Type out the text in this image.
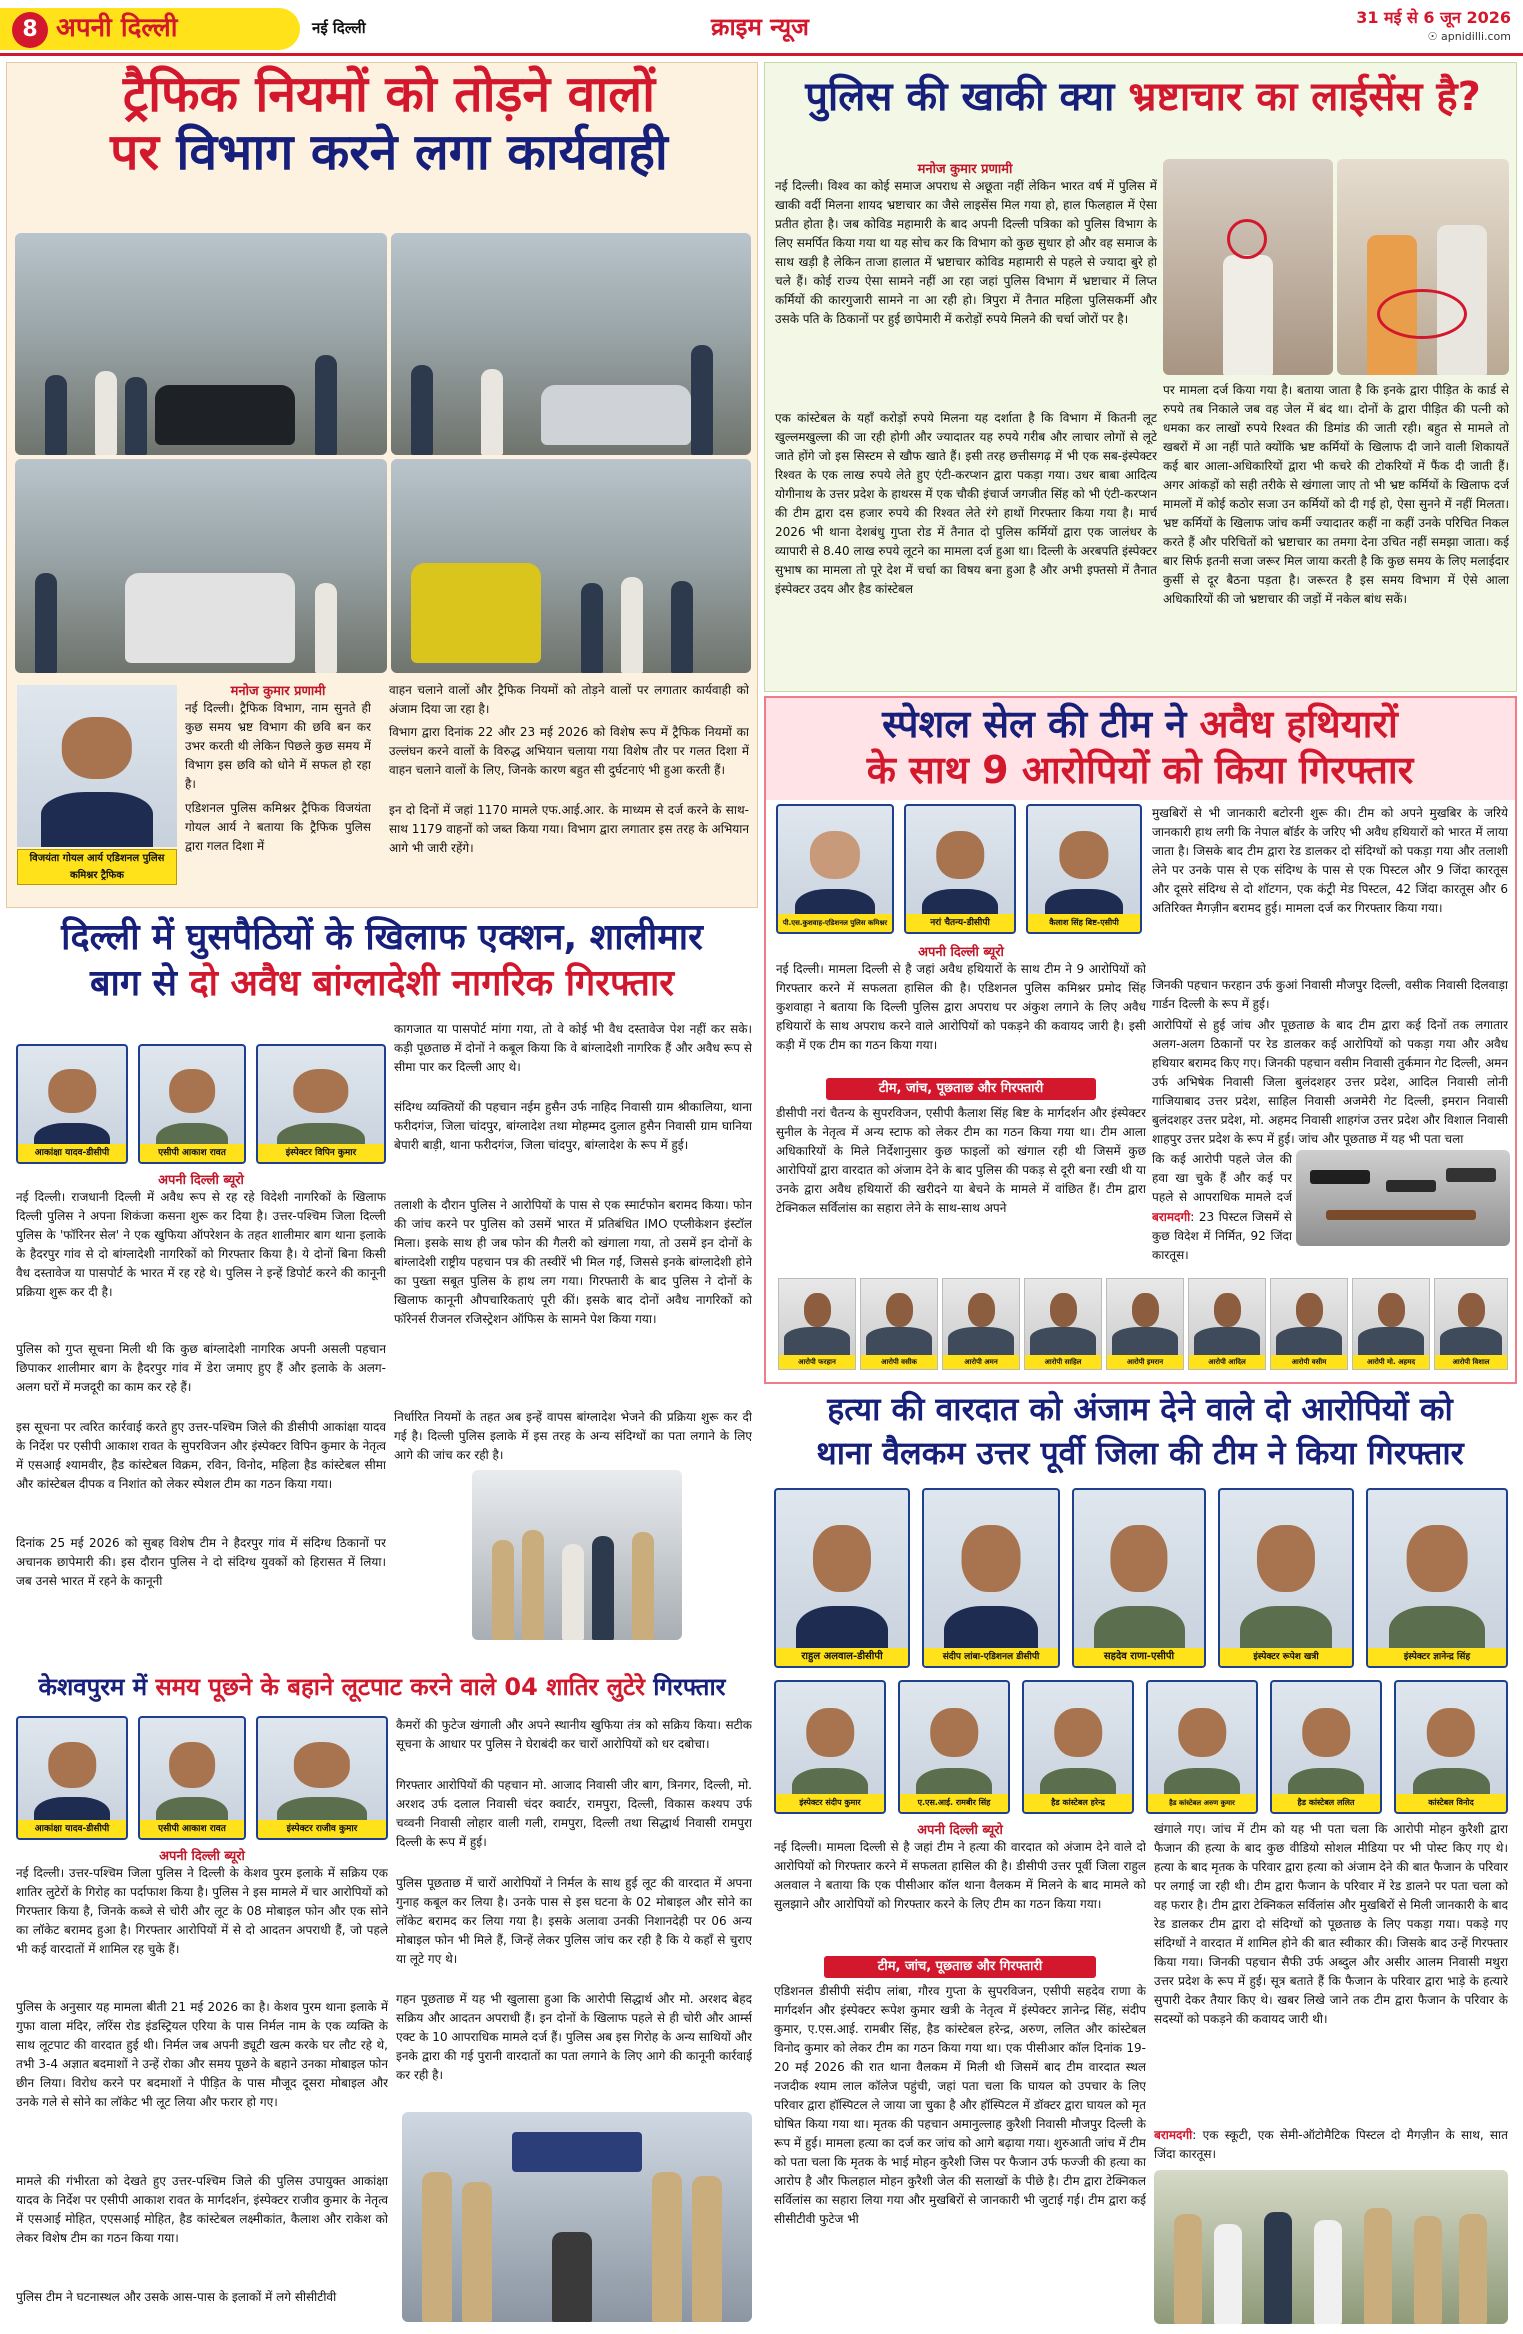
8 अपनी दिल्ली	नई दिल्ली	क्राइम न्यूज	31 मई से 6 जून 2026
☉ apnidilli.com
ट्रैफिक नियमों को तोड़ने वालों
पर विभाग करने लगा कार्यवाही
विजयंता गोयल आर्य एडिशनल पुलिस कमिश्नर ट्रैफिक
मनोज कुमार प्रणामी
नई दिल्ली। ट्रैफिक विभाग, नाम सुनते ही कुछ समय भ्रष्ट विभाग की छवि बन कर उभर करती थी लेकिन पिछले कुछ समय में विभाग इस छवि को धोने में सफल हो रहा है।
एडिशनल पुलिस कमिश्नर ट्रैफिक विजयंता गोयल आर्य ने बताया कि ट्रैफिक पुलिस द्वारा गलत दिशा में
वाहन चलाने वालों और ट्रैफिक नियमों को तोड़ने वालों पर लगातार कार्यवाही को अंजाम दिया जा रहा है।
विभाग द्वारा दिनांक 22 और 23 मई 2026 को विशेष रूप में ट्रैफिक नियमों का उल्लंघन करने वालों के विरुद्ध अभियान चलाया गया विशेष तौर पर गलत दिशा में वाहन चलाने वालों के लिए, जिनके कारण बहुत सी दुर्घटनाएं भी हुआ करती हैं।
इन दो दिनों में जहां 1170 मामले एफ.आई.आर. के माध्यम से दर्ज करने के साथ-साथ 1179 वाहनों को जब्त किया गया। विभाग द्वारा लगातार इस तरह के अभियान आगे भी जारी रहेंगे।
पुलिस की खाकी क्या भ्रष्टाचार का लाईसेंस है?
मनोज कुमार प्रणामी
नई दिल्ली। विश्व का कोई समाज अपराध से अछूता नहीं लेकिन भारत वर्ष में पुलिस में खाकी वर्दी मिलना शायद भ्रष्टाचार का जैसे लाइसेंस मिल गया हो, हाल फिलहाल में ऐसा प्रतीत होता है। जब कोविड महामारी के बाद अपनी दिल्ली पत्रिका को पुलिस विभाग के लिए समर्पित किया गया था यह सोच कर कि विभाग को कुछ सुधार हो और वह समाज के साथ खड़ी है लेकिन ताजा हालात में भ्रष्टाचार कोविड महामारी से पहले से ज्यादा बुरे हो चले हैं। कोई राज्य ऐसा सामने नहीं आ रहा जहां पुलिस विभाग में भ्रष्टाचार में लिप्त कर्मियों की कारगुजारी सामने ना आ रही हो। त्रिपुरा में तैनात महिला पुलिसकर्मी और उसके पति के ठिकानों पर हुई छापेमारी में करोड़ों रुपये मिलने की चर्चा जोरों पर है।
एक कांस्टेबल के यहाँ करोड़ों रुपये मिलना यह दर्शाता है कि विभाग में कितनी लूट खुल्लमखुल्ला की जा रही होगी और ज्यादातर यह रुपये गरीब और लाचार लोगों से लूटे जाते होंगे जो इस सिस्टम से खौफ खाते हैं। इसी तरह छत्तीसगढ़ में भी एक सब-इंस्पेक्टर रिश्वत के एक लाख रुपये लेते हुए एंटी-करप्शन द्वारा पकड़ा गया। उधर बाबा आदित्य योगीनाथ के उत्तर प्रदेश के हाथरस में एक चौकी इंचार्ज जगजीत सिंह को भी एंटी-करप्शन की टीम द्वारा दस हजार रुपये की रिश्वत लेते रंगे हाथों गिरफ्तार किया गया है। मार्च 2026 भी थाना देशबंधु गुप्ता रोड में तैनात दो पुलिस कर्मियों द्वारा एक जालंधर के व्यापारी से 8.40 लाख रुपये लूटने का मामला दर्ज हुआ था। दिल्ली के अरबपति इंस्पेक्टर सुभाष का मामला तो पूरे देश में चर्चा का विषय बना हुआ है और अभी इफ्तसो में तैनात इंस्पेक्टर उदय और हैड कांस्टेबल
पर मामला दर्ज किया गया है। बताया जाता है कि इनके द्वारा पीड़ित के कार्ड से रुपये तब निकाले जब वह जेल में बंद था। दोनों के द्वारा पीड़ित की पत्नी को धमका कर लाखों रुपये रिश्वत की डिमांड की जाती रही। बहुत से मामले तो खबरों में आ नहीं पाते क्योंकि भ्रष्ट कर्मियों के खिलाफ दी जाने वाली शिकायतें कई बार आला-अधिकारियों द्वारा भी कचरे की टोकरियों में फैंक दी जाती हैं। अगर आंकड़ों को सही तरीके से खंगाला जाए तो भी भ्रष्ट कर्मियों के खिलाफ दर्ज मामलों में कोई कठोर सजा उन कर्मियों को दी गई हो, ऐसा सुनने में नहीं मिलता। भ्रष्ट कर्मियों के खिलाफ जांच कर्मी ज्यादातर कहीं ना कहीं उनके परिचित निकल करते हैं और परिचितों को भ्रष्टाचार का तमगा देना उचित नहीं समझा जाता। कई बार सिर्फ इतनी सजा जरूर मिल जाया करती है कि कुछ समय के लिए मलाईदार कुर्सी से दूर बैठना पड़ता है। जरूरत है इस समय विभाग में ऐसे आला अधिकारियों की जो भ्रष्टाचार की जड़ों में नकेल बांध सकें।
स्पेशल सेल की टीम ने अवैध हथियारों
के साथ 9 आरोपियों को किया गिरफ्तार
पी.एस.कुशवाह-एडिशनल पुलिस कमिश्नर	नरां चैतन्य-डीसीपी	कैलाश सिंह बिष्ट-एसीपी
अपनी दिल्ली ब्यूरो
नई दिल्ली। मामला दिल्ली से है जहां अवैध हथियारों के साथ टीम ने 9 आरोपियों को गिरफ्तार करने में सफलता हासिल की है। एडिशनल पुलिस कमिश्नर प्रमोद सिंह कुशवाहा ने बताया कि दिल्ली पुलिस द्वारा अपराध पर अंकुश लगाने के लिए अवैध हथियारों के साथ अपराध करने वाले आरोपियों को पकड़ने की कवायद जारी है। इसी कड़ी में एक टीम का गठन किया गया।
टीम, जांच, पूछताछ और गिरफ्तारी
डीसीपी नरां चैतन्य के सुपरविजन, एसीपी कैलाश सिंह बिष्ट के मार्गदर्शन और इंस्पेक्टर सुनील के नेतृत्व में अन्य स्टाफ को लेकर टीम का गठन किया गया था। टीम आला अधिकारियों के मिले निर्देशानुसार कुछ फाइलों को खंगाल रही थी जिसमें कुछ आरोपियों द्वारा वारदात को अंजाम देने के बाद पुलिस की पकड़ से दूरी बना रखी थी या उनके द्वारा अवैध हथियारों की खरीदने या बेचने के मामले में वांछित हैं। टीम द्वारा टेक्निकल सर्विलांस का सहारा लेने के साथ-साथ अपने
मुखबिरों से भी जानकारी बटोरनी शुरू की। टीम को अपने मुखबिर के जरिये जानकारी हाथ लगी कि नेपाल बॉर्डर के जरिए भी अवैध हथियारों को भारत में लाया जाता है। जिसके बाद टीम द्वारा रेड डालकर दो संदिग्धों को पकड़ा गया और तलाशी लेने पर उनके पास से एक संदिग्ध के पास से एक पिस्टल और 9 जिंदा कारतूस और दूसरे संदिग्ध से दो शॉटगन, एक कंट्री मेड पिस्टल, 42 जिंदा कारतूस और 6 अतिरिक्त मैगज़ीन बरामद हुई। मामला दर्ज कर गिरफ्तार किया गया।
जिनकी पहचान फरहान उर्फ कुआं निवासी मौजपुर दिल्ली, वसीक निवासी दिलवाड़ा गार्डन दिल्ली के रूप में हुई।
आरोपियों से हुई जांच और पूछताछ के बाद टीम द्वारा कई दिनों तक लगातार अलग-अलग ठिकानों पर रेड डालकर कई आरोपियों को पकड़ा गया और अवैध हथियार बरामद किए गए। जिनकी पहचान वसीम निवासी तुर्कमान गेट दिल्ली, अमन उर्फ अभिषेक निवासी जिला बुलंदशहर उत्तर प्रदेश, आदिल निवासी लोनी गाजियाबाद उत्तर प्रदेश, साहिल निवासी अजमेरी गेट दिल्ली, इमरान निवासी बुलंदशहर उत्तर प्रदेश, मो. अहमद निवासी शाहगंज उत्तर प्रदेश और विशाल निवासी शाहपुर उत्तर प्रदेश के रूप में हुई। जांच और पूछताछ में यह भी पता चला
कि कई आरोपी पहले जेल की हवा खा चुके हैं और कई पर पहले से आपराधिक मामले दर्ज
बरामदगी: 23 पिस्टल जिसमें से कुछ विदेश में निर्मित, 92 जिंदा कारतूस।
आरोपी फरहान	आरोपी वसीक	आरोपी अमन	आरोपी साहिल	आरोपी इमरान	आरोपी आदिल	आरोपी वसीम	आरोपी मो. अहमद	आरोपी विशाल
दिल्ली में घुसपैठियों के खिलाफ एक्शन, शालीमार
बाग से दो अवैध बांग्लादेशी नागरिक गिरफ्तार
आकांक्षा यादव-डीसीपी	एसीपी आकाश रावत	इंस्पेक्टर विपिन कुमार
अपनी दिल्ली ब्यूरो
नई दिल्ली। राजधानी दिल्ली में अवैध रूप से रह रहे विदेशी नागरिकों के खिलाफ दिल्ली पुलिस ने अपना शिकंजा कसना शुरू कर दिया है। उत्तर-पश्चिम जिला दिल्ली पुलिस के 'फॉरिनर सेल' ने एक खुफिया ऑपरेशन के तहत शालीमार बाग थाना इलाके के हैदरपुर गांव से दो बांग्लादेशी नागरिकों को गिरफ्तार किया है। ये दोनों बिना किसी वैध दस्तावेज या पासपोर्ट के भारत में रह रहे थे। पुलिस ने इन्हें डिपोर्ट करने की कानूनी प्रक्रिया शुरू कर दी है।
पुलिस को गुप्त सूचना मिली थी कि कुछ बांग्लादेशी नागरिक अपनी असली पहचान छिपाकर शालीमार बाग के हैदरपुर गांव में डेरा जमाए हुए हैं और इलाके के अलग-अलग घरों में मजदूरी का काम कर रहे हैं।
इस सूचना पर त्वरित कार्रवाई करते हुए उत्तर-पश्चिम जिले की डीसीपी आकांक्षा यादव के निर्देश पर एसीपी आकाश रावत के सुपरविजन और इंस्पेक्टर विपिन कुमार के नेतृत्व में एसआई श्यामवीर, हैड कांस्टेबल विक्रम, रविन, विनोद, महिला हैड कांस्टेबल सीमा और कांस्टेबल दीपक व निशांत को लेकर स्पेशल टीम का गठन किया गया।
दिनांक 25 मई 2026 को सुबह विशेष टीम ने हैदरपुर गांव में संदिग्ध ठिकानों पर अचानक छापेमारी की। इस दौरान पुलिस ने दो संदिग्ध युवकों को हिरासत में लिया। जब उनसे भारत में रहने के कानूनी
कागजात या पासपोर्ट मांगा गया, तो वे कोई भी वैध दस्तावेज पेश नहीं कर सके। कड़ी पूछताछ में दोनों ने कबूल किया कि वे बांग्लादेशी नागरिक हैं और अवैध रूप से सीमा पार कर दिल्ली आए थे।
संदिग्ध व्यक्तियों की पहचान नईम हुसैन उर्फ नाहिद निवासी ग्राम श्रीकालिया, थाना फरीदगंज, जिला चांदपुर, बांग्लादेश तथा मोहम्मद दुलाल हुसैन निवासी ग्राम घानिया बेपारी बाड़ी, थाना फरीदगंज, जिला चांदपुर, बांग्लादेश के रूप में हुई।
तलाशी के दौरान पुलिस ने आरोपियों के पास से एक स्मार्टफोन बरामद किया। फोन की जांच करने पर पुलिस को उसमें भारत में प्रतिबंधित IMO एप्लीकेशन इंस्टॉल मिला। इसके साथ ही जब फोन की गैलरी को खंगाला गया, तो उसमें इन दोनों के बांग्लादेशी राष्ट्रीय पहचान पत्र की तस्वीरें भी मिल गईं, जिससे इनके बांग्लादेशी होने का पुख्ता सबूत पुलिस के हाथ लग गया। गिरफ्तारी के बाद पुलिस ने दोनों के खिलाफ कानूनी औपचारिकताएं पूरी कीं। इसके बाद दोनों अवैध नागरिकों को फॉरेनर्स रीजनल रजिस्ट्रेशन ऑफिस के सामने पेश किया गया।
निर्धारित नियमों के तहत अब इन्हें वापस बांग्लादेश भेजने की प्रक्रिया शुरू कर दी गई है। दिल्ली पुलिस इलाके में इस तरह के अन्य संदिग्धों का पता लगाने के लिए आगे की जांच कर रही है।
हत्या की वारदात को अंजाम देने वाले दो आरोपियों को
थाना वैलकम उत्तर पूर्वी जिला की टीम ने किया गिरफ्तार
राहुल अलवाल-डीसीपी	संदीप लांबा-एडिशनल डीसीपी	सहदेव राणा-एसीपी	इंस्पेक्टर रूपेश खत्री	इंस्पेक्टर ज्ञानेन्द्र सिंह
इंस्पेक्टर संदीप कुमार	ए.एस.आई. रामबीर सिंह	हैड कांस्टेबल हरेन्द्र	हैड कांस्टेबल अरुण कुमार	हैड कांस्टेबल ललित	कांस्टेबल विनोद
अपनी दिल्ली ब्यूरो
नई दिल्ली। मामला दिल्ली से है जहां टीम ने हत्या की वारदात को अंजाम देने वाले दो आरोपियों को गिरफ्तार करने में सफलता हासिल की है। डीसीपी उत्तर पूर्वी जिला राहुल अलवाल ने बताया कि एक पीसीआर कॉल थाना वैलकम में मिलने के बाद मामले को सुलझाने और आरोपियों को गिरफ्तार करने के लिए टीम का गठन किया गया।
टीम, जांच, पूछताछ और गिरफ्तारी
एडिशनल डीसीपी संदीप लांबा, गौरव गुप्ता के सुपरविजन, एसीपी सहदेव राणा के मार्गदर्शन और इंस्पेक्टर रूपेश कुमार खत्री के नेतृत्व में इंस्पेक्टर ज्ञानेन्द्र सिंह, संदीप कुमार, ए.एस.आई. रामबीर सिंह, हैड कांस्टेबल हरेन्द्र, अरुण, ललित और कांस्टेबल विनोद कुमार को लेकर टीम का गठन किया गया था। एक पीसीआर कॉल दिनांक 19-20 मई 2026 की रात थाना वैलकम में मिली थी जिसमें बाद टीम वारदात स्थल नजदीक श्याम लाल कॉलेज पहुंची, जहां पता चला कि घायल को उपचार के लिए परिवार द्वारा हॉस्पिटल ले जाया जा चुका है और हॉस्पिटल में डॉक्टर द्वारा घायल को मृत घोषित किया गया था। मृतक की पहचान अमानुल्लाह कुरैशी निवासी मौजपुर दिल्ली के रूप में हुई। मामला हत्या का दर्ज कर जांच को आगे बढ़ाया गया। शुरुआती जांच में टीम को पता चला कि मृतक के भाई मोहन कुरैशी जिस पर फैजान उर्फ फज्जी की हत्या का आरोप है और फिलहाल मोहन कुरैशी जेल की सलाखों के पीछे है। टीम द्वारा टेक्निकल सर्विलांस का सहारा लिया गया और मुखबिरों से जानकारी भी जुटाई गई। टीम द्वारा कई सीसीटीवी फुटेज भी
खंगाले गए। जांच में टीम को यह भी पता चला कि आरोपी मोहन कुरैशी द्वारा फैजान की हत्या के बाद कुछ वीडियो सोशल मीडिया पर भी पोस्ट किए गए थे। हत्या के बाद मृतक के परिवार द्वारा हत्या को अंजाम देने की बात फैजान के परिवार पर लगाई जा रही थी। टीम द्वारा फैजान के परिवार में रेड डालने पर पता चला को वह फरार है। टीम द्वारा टेक्निकल सर्विलांस और मुखबिरों से मिली जानकारी के बाद रेड डालकर टीम द्वारा दो संदिग्धों को पूछताछ के लिए पकड़ा गया। पकड़े गए संदिग्धों ने वारदात में शामिल होने की बात स्वीकार की। जिसके बाद उन्हें गिरफ्तार किया गया। जिनकी पहचान सैफी उर्फ अब्दुल और असीर आलम निवासी मथुरा उत्तर प्रदेश के रूप में हुई। सूत्र बताते हैं कि फैजान के परिवार द्वारा भाड़े के हत्यारे सुपारी देकर तैयार किए थे। खबर लिखे जाने तक टीम द्वारा फैजान के परिवार के सदस्यों को पकड़ने की कवायद जारी थी।
बरामदगी: एक स्कूटी, एक सेमी-ऑटोमैटिक पिस्टल दो मैगज़ीन के साथ, सात जिंदा कारतूस।
केशवपुरम में समय पूछने के बहाने लूटपाट करने वाले 04 शातिर लुटेरे गिरफ्तार
आकांक्षा यादव-डीसीपी	एसीपी आकाश रावत	इंस्पेक्टर राजीव कुमार
अपनी दिल्ली ब्यूरो
नई दिल्ली। उत्तर-पश्चिम जिला पुलिस ने दिल्ली के केशव पुरम इलाके में सक्रिय एक शातिर लुटेरों के गिरोह का पर्दाफाश किया है। पुलिस ने इस मामले में चार आरोपियों को गिरफ्तार किया है, जिनके कब्जे से चोरी और लूट के 08 मोबाइल फोन और एक सोने का लॉकेट बरामद हुआ है। गिरफ्तार आरोपियों में से दो आदतन अपराधी हैं, जो पहले भी कई वारदातों में शामिल रह चुके हैं।
पुलिस के अनुसार यह मामला बीती 21 मई 2026 का है। केशव पुरम थाना इलाके में गुफा वाला मंदिर, लॉरेंस रोड इंडस्ट्रियल एरिया के पास निर्मल नाम के एक व्यक्ति के साथ लूटपाट की वारदात हुई थी। निर्मल जब अपनी ड्यूटी खत्म करके घर लौट रहे थे, तभी 3-4 अज्ञात बदमाशों ने उन्हें रोका और समय पूछने के बहाने उनका मोबाइल फोन छीन लिया। विरोध करने पर बदमाशों ने पीड़ित के पास मौजूद दूसरा मोबाइल और उनके गले से सोने का लॉकेट भी लूट लिया और फरार हो गए।
मामले की गंभीरता को देखते हुए उत्तर-पश्चिम जिले की पुलिस उपायुक्त आकांक्षा यादव के निर्देश पर एसीपी आकाश रावत के मार्गदर्शन, इंस्पेक्टर राजीव कुमार के नेतृत्व में एसआई मोहित, एएसआई मोहित, हैड कांस्टेबल लक्ष्मीकांत, कैलाश और राकेश को लेकर विशेष टीम का गठन किया गया।
पुलिस टीम ने घटनास्थल और उसके आस-पास के इलाकों में लगे सीसीटीवी
कैमरों की फुटेज खंगाली और अपने स्थानीय खुफिया तंत्र को सक्रिय किया। सटीक सूचना के आधार पर पुलिस ने घेराबंदी कर चारों आरोपियों को धर दबोचा।
गिरफ्तार आरोपियों की पहचान मो. आजाद निवासी जीर बाग, त्रिनगर, दिल्ली, मो. अरशद उर्फ दलाल निवासी चंदर क्वार्टर, रामपुरा, दिल्ली, विकास कश्यप उर्फ चव्वनी निवासी लोहार वाली गली, रामपुरा, दिल्ली तथा सिद्धार्थ निवासी रामपुरा दिल्ली के रूप में हुई।
पुलिस पूछताछ में चारों आरोपियों ने निर्मल के साथ हुई लूट की वारदात में अपना गुनाह कबूल कर लिया है। उनके पास से इस घटना के 02 मोबाइल और सोने का लॉकेट बरामद कर लिया गया है। इसके अलावा उनकी निशानदेही पर 06 अन्य मोबाइल फोन भी मिले हैं, जिन्हें लेकर पुलिस जांच कर रही है कि ये कहाँ से चुराए या लूटे गए थे।
गहन पूछताछ में यह भी खुलासा हुआ कि आरोपी सिद्धार्थ और मो. अरशद बेहद सक्रिय और आदतन अपराधी हैं। इन दोनों के खिलाफ पहले से ही चोरी और आर्म्स एक्ट के 10 आपराधिक मामले दर्ज हैं। पुलिस अब इस गिरोह के अन्य साथियों और इनके द्वारा की गई पुरानी वारदातों का पता लगाने के लिए आगे की कानूनी कार्रवाई कर रही है।
